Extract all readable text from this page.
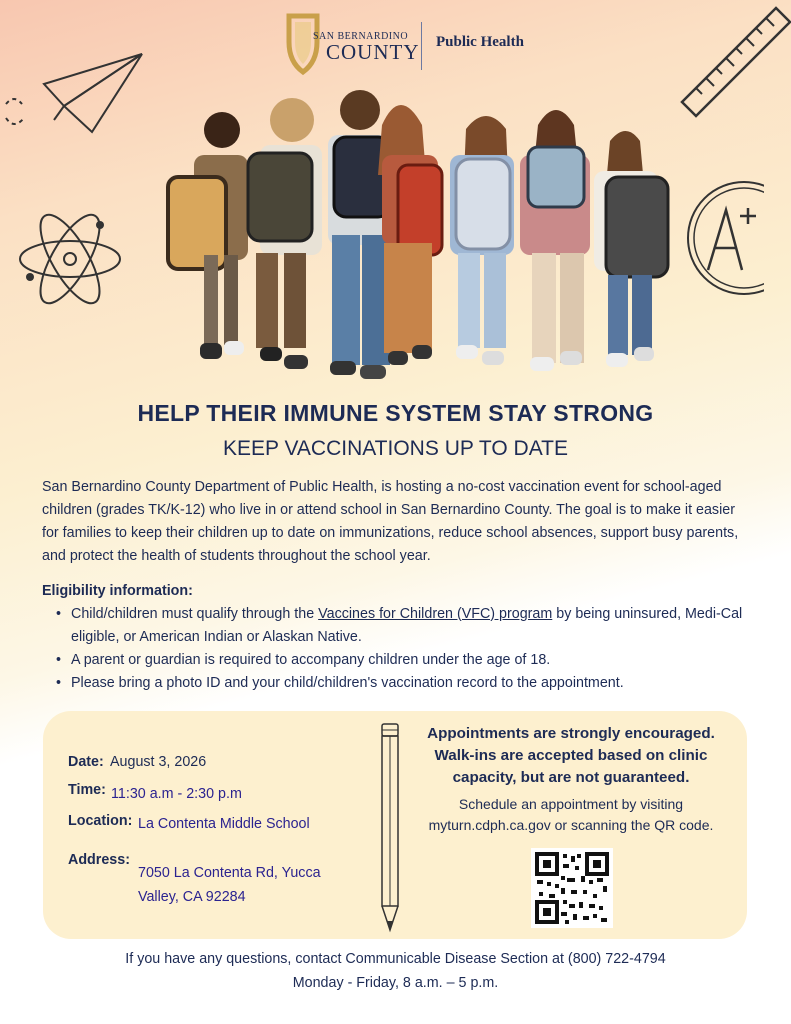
SAN BERNARDINO
COUNTY Public Health
HELP THEIR IMMUNE SYSTEM STAY STRONG
KEEP VACCINATIONS UP TO DATE
San Bernardino County Department of Public Health, is hosting a no-cost vaccination event for school-aged children (grades TK/K-12) who live in or attend school in San Bernardino County. The goal is to make it easier for families to keep their children up to date on immunizations, reduce school absences, support busy parents, and protect the health of students throughout the school year.
Eligibility information:
• Child/children must qualify through the Vaccines for Children (VFC) program by being uninsured, Medi-Cal eligible, or American Indian or Alaskan Native.
• A parent or guardian is required to accompany children under the age of 18.
• Please bring a photo ID and your child/children's vaccination record to the appointment.
Date: August 3, 2026
Time: 11:30 a.m - 2:30 p.m
Location: La Contenta Middle School
Address:
7050 La Contenta Rd, Yucca
Valley, CA 92284
Appointments are strongly encouraged.
Walk-ins are accepted based on clinic
capacity, but are not guaranteed.
Schedule an appointment by visiting
myturn.cdph.ca.gov or scanning the QR code.
If you have any questions, contact Communicable Disease Section at (800) 722-4794
Monday - Friday, 8 a.m. – 5 p.m.
